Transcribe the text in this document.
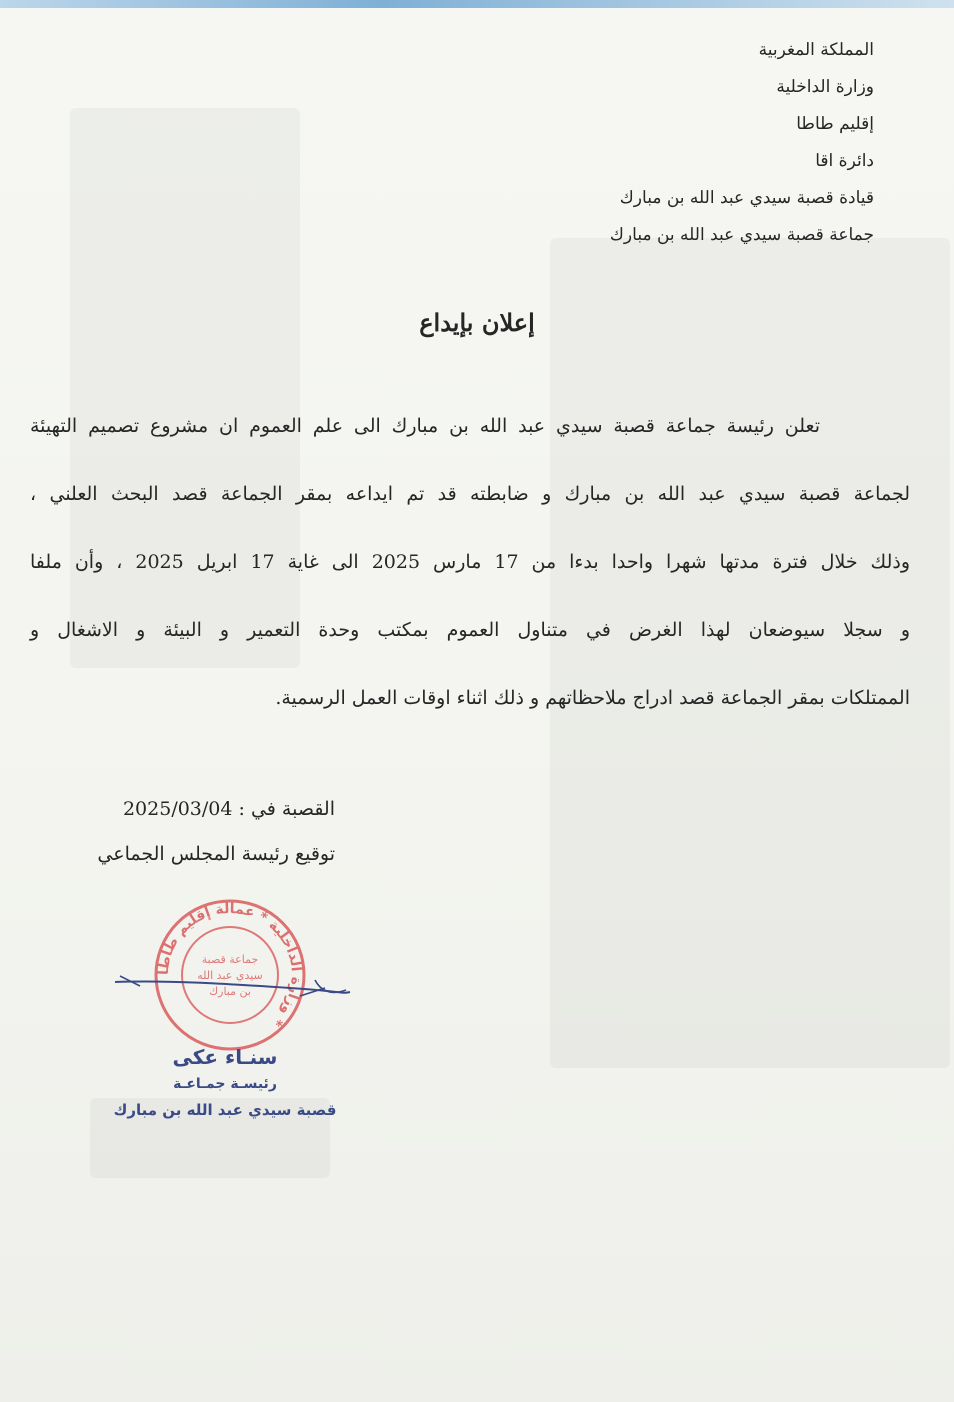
المملكة المغربية
وزارة الداخلية
إقليم طاطا
دائرة اقا
قيادة قصبة سيدي عبد الله بن مبارك
جماعة قصبة سيدي عبد الله بن مبارك
إعلان بإيداع
تعلن رئيسة جماعة قصبة سيدي عبد الله بن مبارك الى علم العموم ان مشروع تصميم التهيئة
لجماعة قصبة سيدي عبد الله بن مبارك و ضابطته قد تم ايداعه بمقر الجماعة قصد البحث العلني ،
وذلك خلال فترة مدتها شهرا واحدا بدءا من 17 مارس 2025 الى غاية 17 ابريل 2025 ، وأن ملفا
و سجلا سيوضعان لهذا الغرض في متناول العموم بمكتب وحدة التعمير و البيئة و الاشغال و
الممتلكات بمقر الجماعة قصد ادراج ملاحظاتهم و ذلك اثناء اوقات العمل الرسمية.
القصبة في : 2025/03/04
توقيع رئيسة المجلس الجماعي
وزارة الداخلية * عمالة إقليم طاطا *
جماعة قصبة
سيدي عبد الله
بن مبارك
سنـاء عكى
رئيسـة جمـاعـة
قصبة سيدي عبد الله بن مبارك
